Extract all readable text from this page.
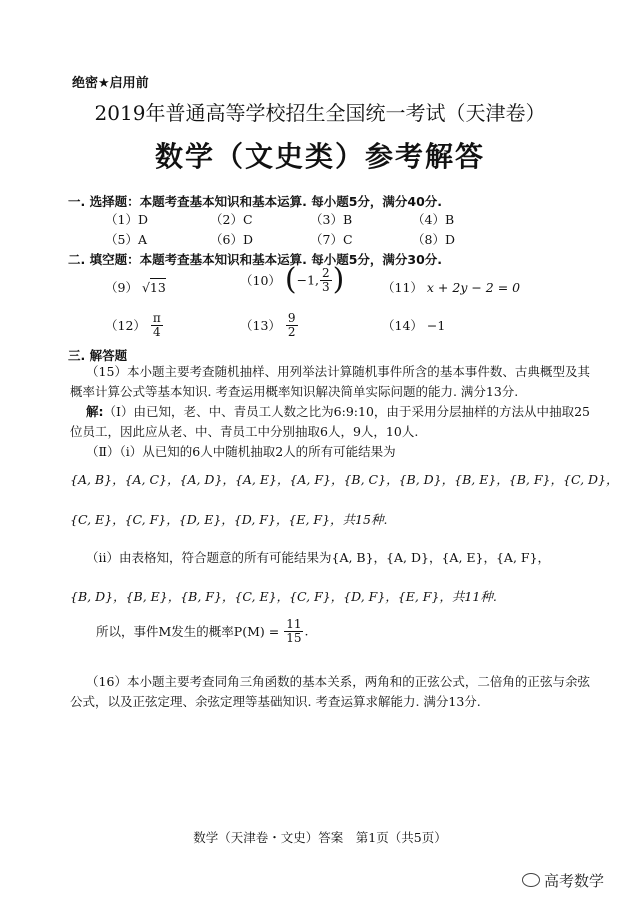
绝密★启用前
2019年普通高等学校招生全国统一考试（天津卷）
数学（文史类）参考解答
一. 选择题：本题考查基本知识和基本运算. 每小题5分，满分40分.
（1）D	（2）C	（3）B	（4）B
（5）A	（6）D	（7）C	（8）D
二. 填空题：本题考查基本知识和基本运算. 每小题5分，满分30分.
（9） √13	（10） (−1, $\frac{2}{3}$ )	（11） x + 2y − 2 = 0
$(12) \frac{\pi}{4}$	$(13) \frac{9}{2}$	（14） −1
三. 解答题
（15）本小题主要考查随机抽样、用列举法计算随机事件所含的基本事件数、古典概型及其概率计算公式等基本知识. 考查运用概率知识解决简单实际问题的能力. 满分13分.
解:（Ⅰ）由已知，老、中、青员工人数之比为6:9:10，由于采用分层抽样的方法从中抽取25位员工，因此应从老、中、青员工中分别抽取6人，9人，10人.
（Ⅱ）（ⅰ）从已知的6人中随机抽取2人的所有可能结果为
{A, B}，{A, C}，{A, D}，{A, E}，{A, F}，{B, C}，{B, D}，{B, E}，{B, F}，{C, D}，
{C, E}，{C, F}，{D, E}，{D, F}，{E, F}，共15种.
（ⅱ）由表格知，符合题意的所有可能结果为{A, B}，{A, D}，{A, E}，{A, F}，
{B, D}，{B, E}，{B, F}，{C, E}，{C, F}，{D, F}，{E, F}，共11种.
所以，事件M发生的概率$P(M) = \frac{11}{15}$ .
（16）本小题主要考查同角三角函数的基本关系，两角和的正弦公式，二倍角的正弦与余弦公式，以及正弦定理、余弦定理等基础知识. 考查运算求解能力. 满分13分.
数学（天津卷・文史）答案　第1页（共5页）
高考数学
